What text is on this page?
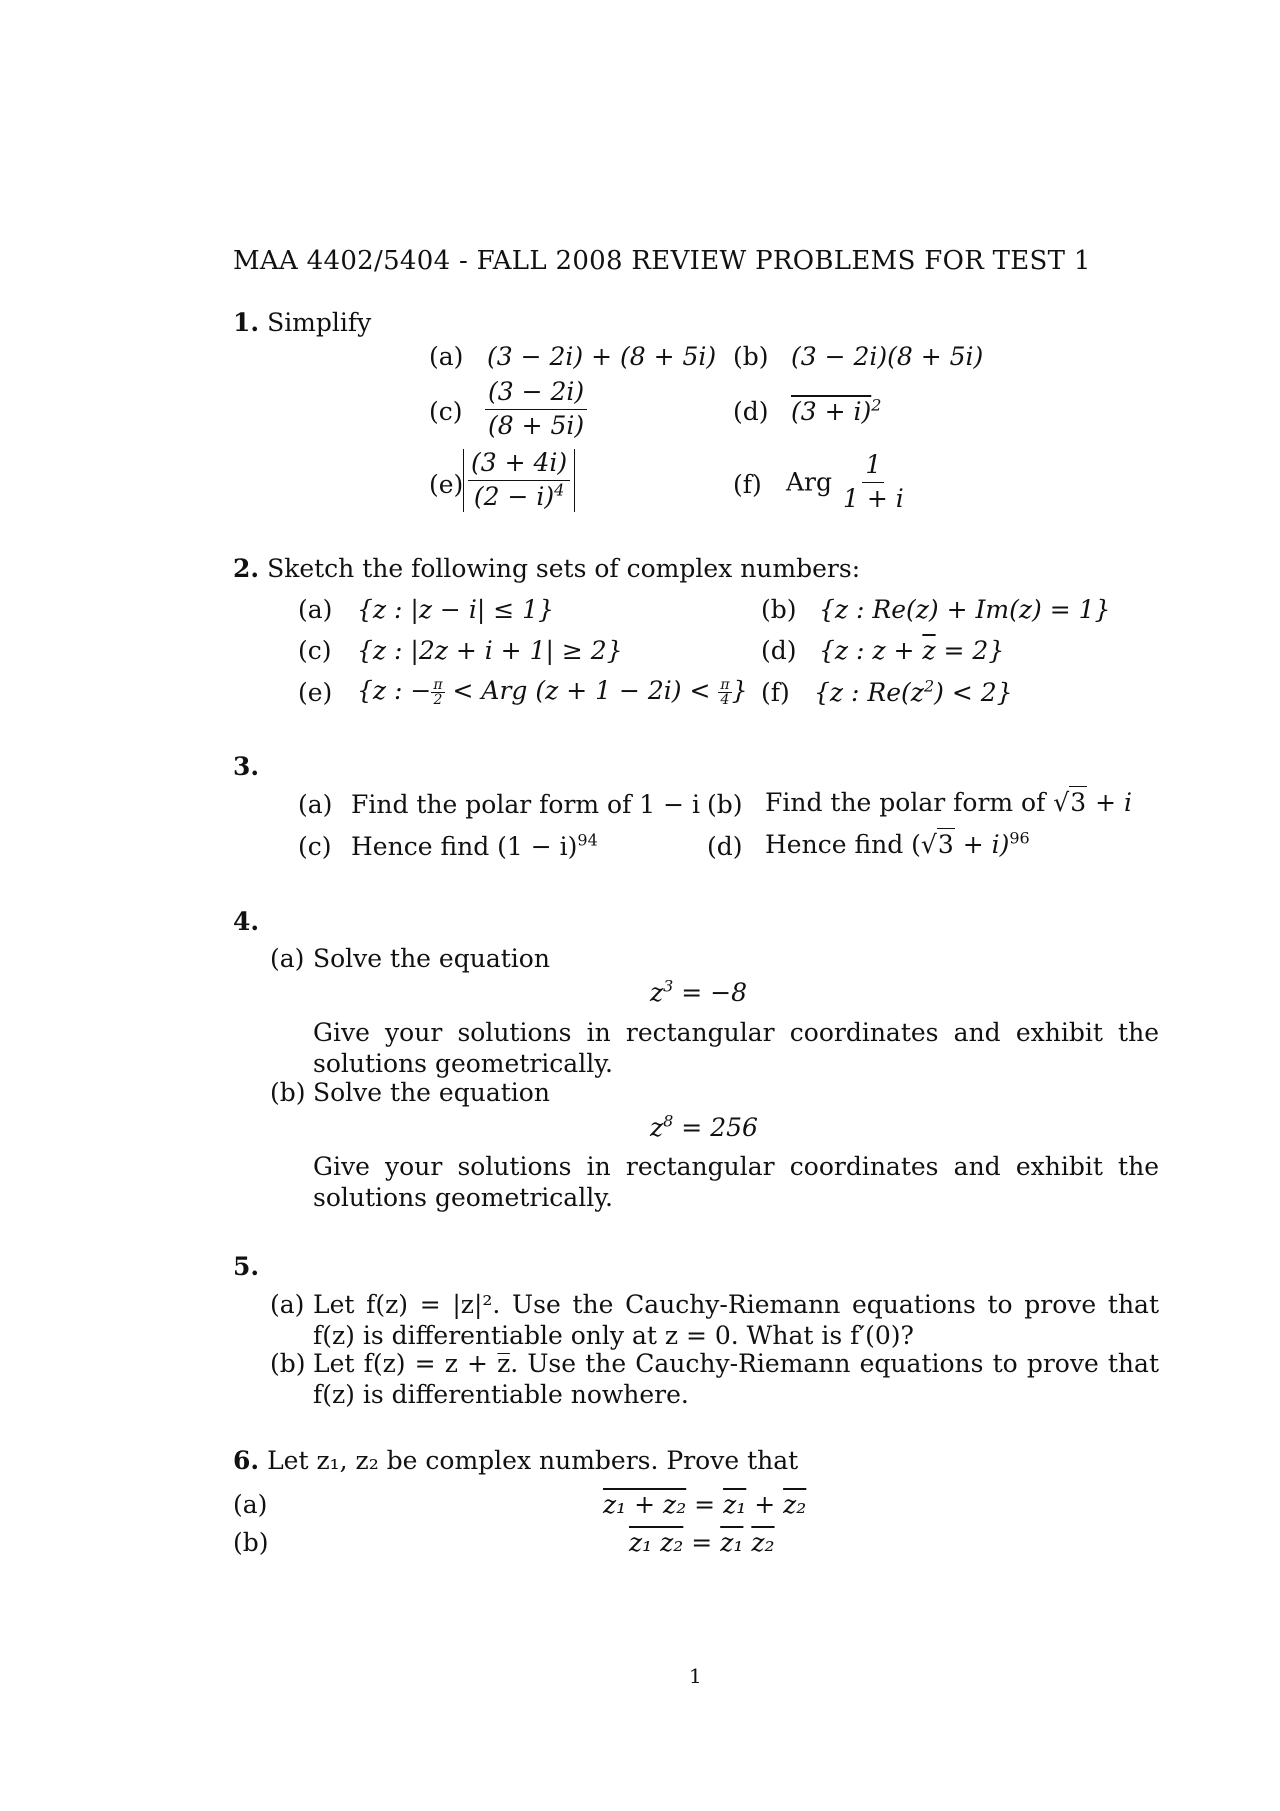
MAA 4402/5404 - FALL 2008 REVIEW PROBLEMS FOR TEST 1
1. Simplify
(a) (3 − 2i) + (8 + 5i) (b) (3 − 2i)(8 + 5i)
$(c) \frac{(3 - 2i)}{(8 + 5i)}$	(d) $(3 + i)^2$
$(e) \frac{(3 + 4i)}{(2 - i)^4}$	(f) Arg $\frac{1}{1 + i}$
2. Sketch the following sets of complex numbers:
(a) {z : |z − i| ≤ 1}	(b) {z : Re(z) + Im(z) = 1}
(c) {z : |2z + i + 1| ≥ 2}	(d) {z : $z + \overline{z} = 2$}
(e) {z : − $\frac{\pi}{2}$ < Arg $(z + 1 - 2i) < \frac{\pi}{4}$ } (f) {z : $Re(z^2) < 2$}
3.
(a) Find the polar form of 1 − i (b) Find the polar form of √3 + i
(c) Hence find $(1 - i)^{94}$	(d) Hence find $(√3 + i)^{96}$
4.
(a) Solve the equation
$z^3 = -8$
Give your solutions in rectangular coordinates and exhibit the solutions geometrically.
(b) Solve the equation
$z^8 = 256$
Give your solutions in rectangular coordinates and exhibit the solutions geometrically.
5.
(a) Let f(z) = |z|². Use the Cauchy-Riemann equations to prove that f(z) is differentiable only at z = 0. What is f′(0)?
(b) Let f(z) = z + z̅. Use the Cauchy-Riemann equations to prove that f(z) is differentiable nowhere.
6. Let z₁, z₂ be complex numbers. Prove that
(a)	z₁ + z₂ = z₁ + z₂
(b)	z₁ z₂ = z₁ z₂
1
